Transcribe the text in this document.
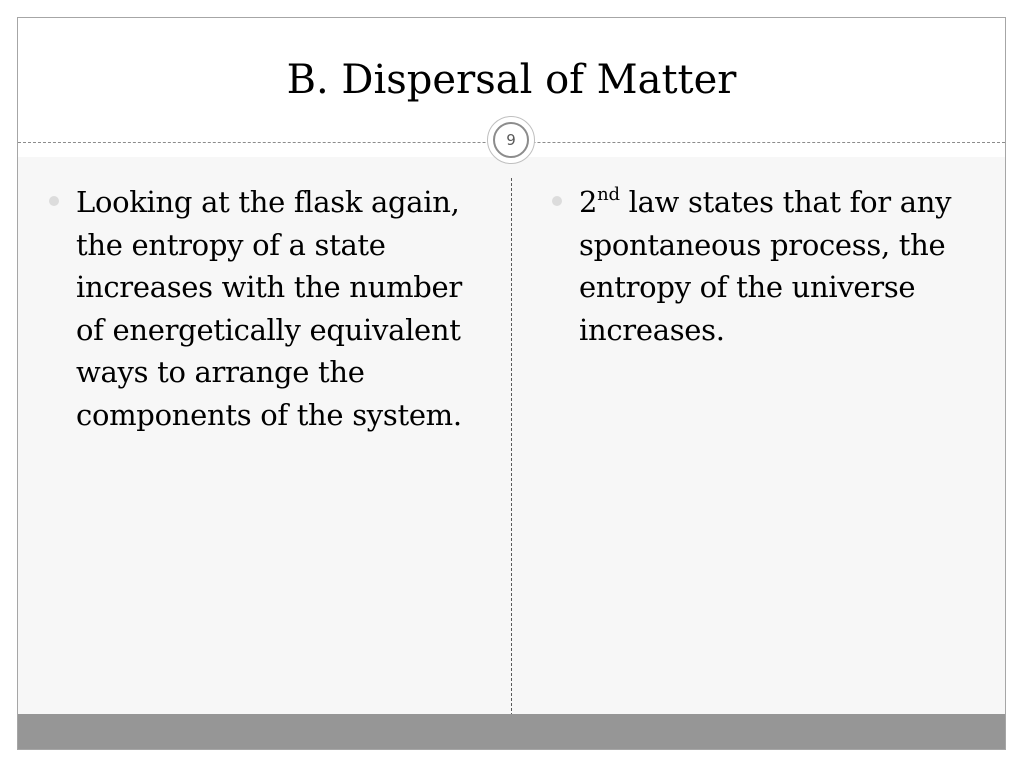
B. Dispersal of Matter
9
Looking at the flask again, the entropy of a state increases with the number of energetically equivalent ways to arrange the components of the system.
2nd law states that for any spontaneous process, the entropy of the universe increases.
